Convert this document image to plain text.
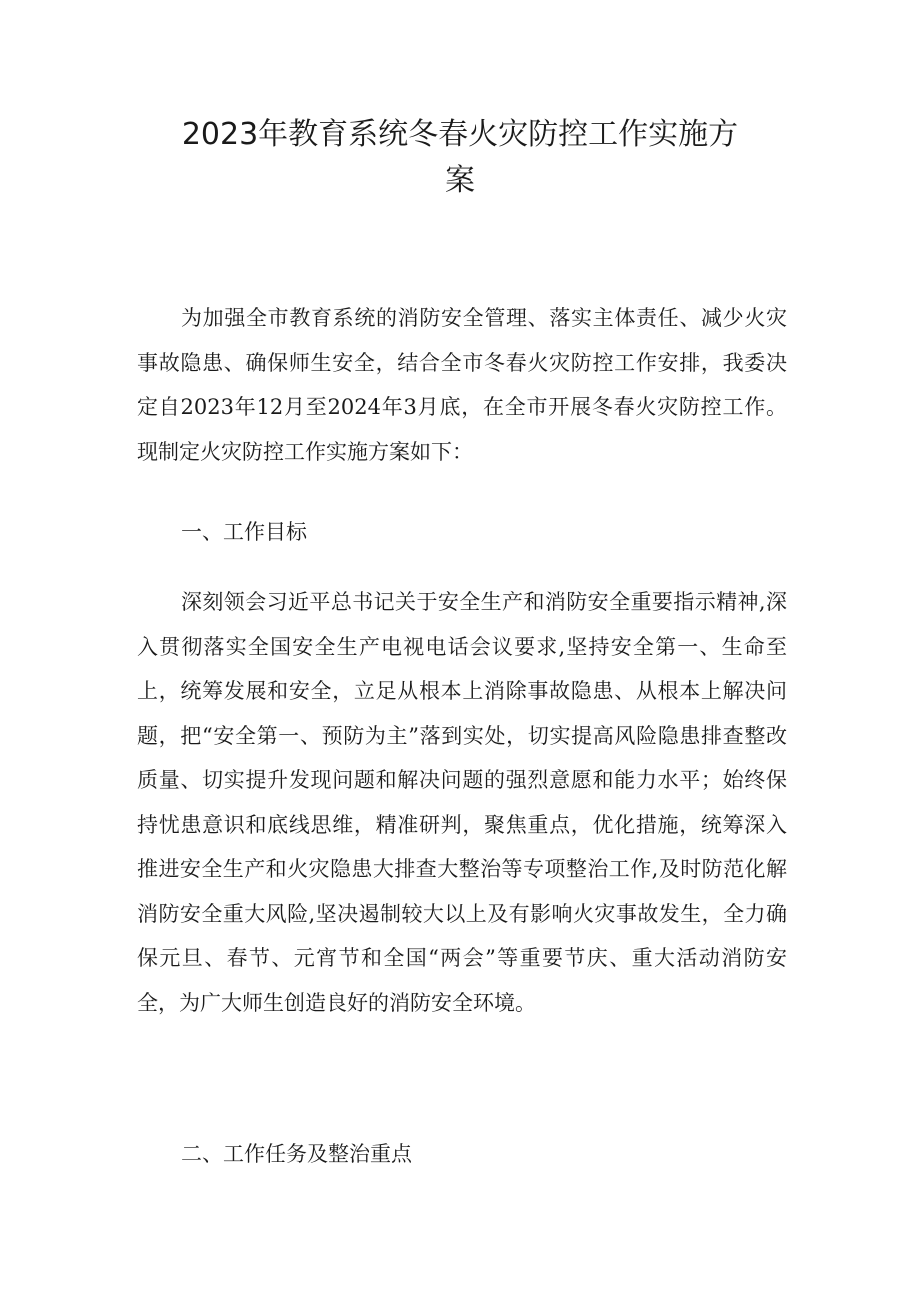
2023年教育系统冬春火灾防控工作实施方
案

为加强全市教育系统的消防安全管理、落实主体责任、减少火灾事故隐患、确保师生安全，结合全市冬春火灾防控工作安排，我委决定自2023年12月至2024年3月底，在全市开展冬春火灾防控工作。现制定火灾防控工作实施方案如下：

一、工作目标

深刻领会习近平总书记关于安全生产和消防安全重要指示精神,深入贯彻落实全国安全生产电视电话会议要求,坚持安全第一、生命至上，统筹发展和安全，立足从根本上消除事故隐患、从根本上解决问题，把“安全第一、预防为主”落到实处，切实提高风险隐患排查整改质量、切实提升发现问题和解决问题的强烈意愿和能力水平；始终保持忧患意识和底线思维，精准研判，聚焦重点，优化措施，统筹深入推进安全生产和火灾隐患大排查大整治等专项整治工作,及时防范化解消防安全重大风险,坚决遏制较大以上及有影响火灾事故发生，全力确保元旦、春节、元宵节和全国“两会”等重要节庆、重大活动消防安全，为广大师生创造良好的消防安全环境。

二、工作任务及整治重点
